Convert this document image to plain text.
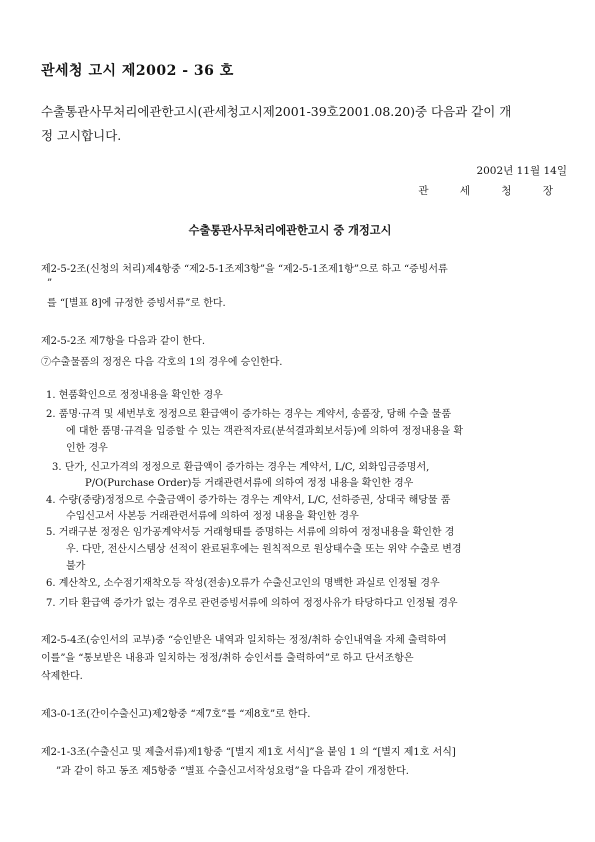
관세청 고시 제2002 - 36 호
수출통관사무처리에관한고시(관세청고시제2001-39호2001.08.20)중 다음과 같이 개
정 고시합니다.
2002년 11월 14일
관 세 청 장
수출통관사무처리에관한고시 중 개정고시
제2-5-2조(신청의 처리)제4항중 “제2-5-1조제3항”을 “제2-5-1조제1항”으로 하고 “증빙서류
”
를 “[별표 8]에 규정한 증빙서류”로 한다.
제2-5-2조 제7항을 다음과 같이 한다.
⑦수출물품의 정정은 다음 각호의 1의 경우에 승인한다.
1. 현품확인으로 정정내용을 확인한 경우
2. 품명·규격 및 세번부호 정정으로 환급액이 증가하는 경우는 계약서, 송품장, 당해 수출 물품
에 대한 품명·규격을 입증할 수 있는 객관적자료(분석결과회보서등)에 의하여 정정내용을 확
인한 경우
3. 단가, 신고가격의 정정으로 환급액이 증가하는 경우는 계약서, L/C, 외화입금증명서,
P/O(Purchase Order)등 거래관련서류에 의하여 정정 내용을 확인한 경우
4. 수량(중량)정정으로 수출금액이 증가하는 경우는 계약서, L/C, 선하증권, 상대국 해당물 품
수입신고서 사본등 거래관련서류에 의하여 정정 내용을 확인한 경우
5. 거래구분 정정은 임가공계약서등 거래형태를 증명하는 서류에 의하여 정정내용을 확인한 경
우. 다만, 전산시스템상 선적이 완료된후에는 원칙적으로 원상태수출 또는 위약 수출로 변경
불가
6. 계산착오, 소수점기재착오등 작성(전송)오류가 수출신고인의 명백한 과실로 인정될 경우
7. 기타 환급액 증가가 없는 경우로 관련증빙서류에 의하여 정정사유가 타당하다고 인정될 경우
제2-5-4조(승인서의 교부)중 “승인받은 내역과 일치하는 정정/취하 승인내역을 자체 출력하여
이를”을 “통보받은 내용과 일치하는 정정/취하 승인서를 출력하여”로 하고 단서조항은
삭제한다.
제3-0-1조(간이수출신고)제2항중 “제7호”를 “제8호”로 한다.
제2-1-3조(수출신고 및 제출서류)제1항중 “[별지 제1호 서식]”을 붙임 1 의 “[별지 제1호 서식]
”과 같이 하고 동조 제5항중 “별표 수출신고서작성요령”을 다음과 같이 개정한다.
